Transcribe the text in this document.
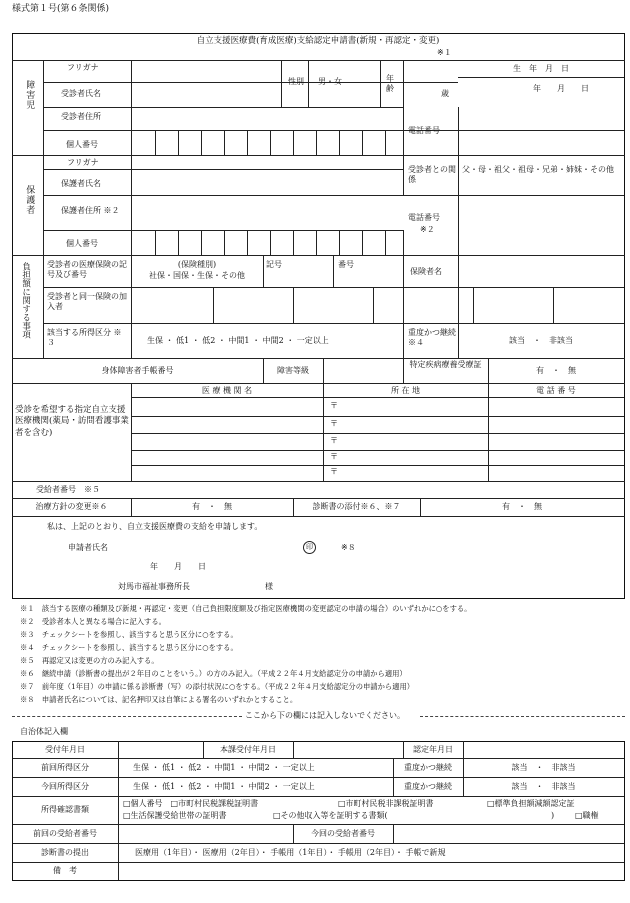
様式第１号(第６条関係)
自立支援医療費(育成医療)支給認定申請書(新規・再認定・変更)
※１
障害児
フリガナ
受診者氏名
性別 男・女	年齢
歳
生　年　月　日
年　　月　　日
受診者住所
電話番号
個人番号
保護者
フリガナ
保護者氏名
受診者との関係
父・母・祖父・祖母・兄弟・姉妹・その他
保護者住所 ※２
電話番号
※２
個人番号
負担額に関する事項 受診者の医療保険の記号及び番号
(保険種別)
社保・国保・生保・その他
記号	番号
保険者名
受診者と同一保険の加入者
該当する所得区分 ※３	生保 ・ 低1 ・ 低2 ・ 中間1 ・ 中間2 ・ 一定以上
重度かつ継続※４	該当　・　非該当
身体障害者手帳番号	障害等級
特定疾病療養受療証
有　・　無
医 療 機 関 名	所 在 地	電 話 番 号
受診を希望する指定自立支援医療機関(薬局・訪問看護事業者を含む)
〒
〒
〒
〒
〒
受給者番号　※５
治療方針の変更※６	有　・　無	診断書の添付※６、※７	有　・　無
私は、上記のとおり、自立支援医療費の支給を申請します。
申請者氏名	印	※８
年　　月　　日
対馬市福祉事務所長	様
※１　該当する医療の種類及び新規・再認定・変更（自己負担限度額及び指定医療機関の変更認定の申請の場合）のいずれかに○をする。
※２　受診者本人と異なる場合に記入する。
※３　チェックシートを参照し、該当すると思う区分に○をする。
※４　チェックシートを参照し、該当すると思う区分に○をする。
※５　再認定又は変更の方のみ記入する。
※６　継続申請（診断書の提出が２年目のことをいう。）の方のみ記入。（平成２２年４月支給認定分の申請から適用）
※７　前年度（1年目）の申請に係る診断書（写）の添付状況に○をする。（平成２２年４月支給認定分の申請から適用）
※８　申請者氏名については、記名押印又は自筆による署名のいずれかとすること。
ここから下の欄には記入しないでください。
自治体記入欄
受付年月日	本課受付年月日	認定年月日
前回所得区分	生保 ・ 低1 ・ 低2 ・ 中間1 ・ 中間2 ・ 一定以上	重度かつ継続	該当　・　非該当
今回所得区分	生保 ・ 低1 ・ 低2 ・ 中間1 ・ 中間2 ・ 一定以上	重度かつ継続	該当　・　非該当
所得確認書類
□個人番号　□市町村民税課税証明書	□市町村民税非課税証明書	□標準負担額減額認定証
□生活保護受給世帯の証明書	□その他収入等を証明する書類(	)	□職権
前回の受給者番号	今回の受給者番号
診断書の提出	医療用（1年目）・ 医療用（2年目）・ 手帳用（1年目）・ 手帳用（2年目）・ 手帳で新規
備　考
